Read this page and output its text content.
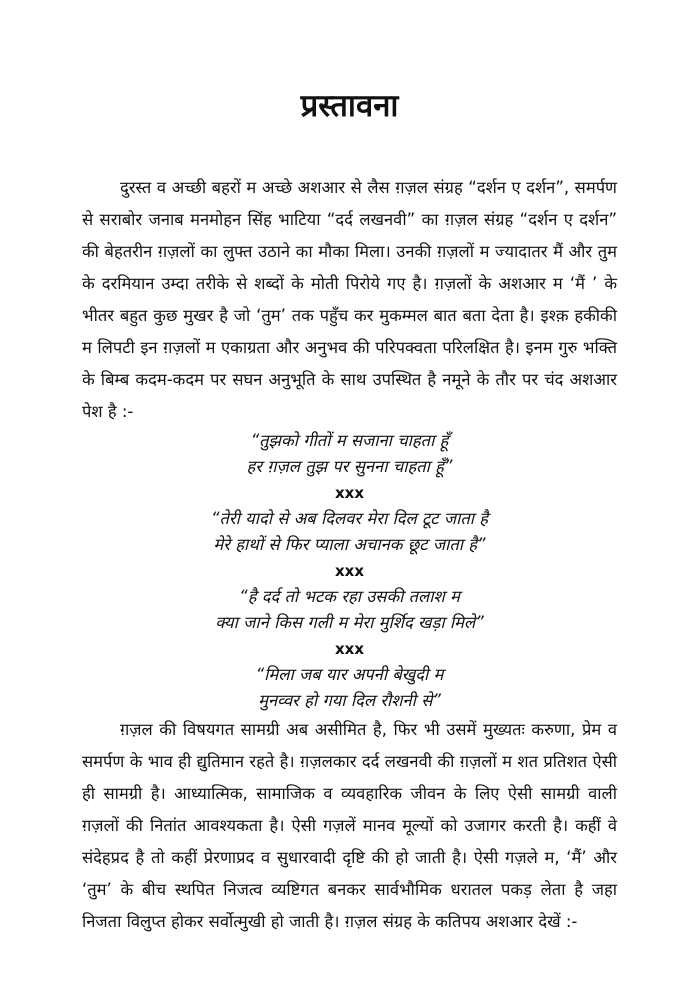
प्रस्तावना

दुरस्त व अच्छी बहरों म अच्छे अशआर से लैस ग़ज़ल संग्रह “दर्शन ए दर्शन”, समर्पण से सराबोर जनाब मनमोहन सिंह भाटिया “दर्द लखनवी” का ग़ज़ल संग्रह “दर्शन ए दर्शन” की बेहतरीन ग़ज़लों का लुफ्त उठाने का मौका मिला। उनकी ग़ज़लों म ज्यादातर मैं और तुम के दरमियान उम्दा तरीके से शब्दों के मोती पिरोये गए है। ग़ज़लों के अशआर म ‘मैं ’ के भीतर बहुत कुछ मुखर है जो ‘तुम’ तक पहुँच कर मुकम्मल बात बता देता है। इश्क़ हकीकी म लिपटी इन ग़ज़लों म एकाग्रता और अनुभव की परिपक्वता परिलक्षित है। इनम गुरु भक्ति के बिम्ब कदम-कदम पर सघन अनुभूति के साथ उपस्थित है नमूने के तौर पर चंद अशआर पेश है :-

“तुझको गीतों म सजाना चाहता हूँ
हर ग़ज़ल तुझ पर सुनना चाहता हूँ”
xxx
“तेरी यादो से अब दिलवर मेरा दिल टूट जाता है
मेरे हाथों से फिर प्याला अचानक छूट जाता है”
xxx
“है दर्द तो भटक रहा उसकी तलाश म
क्या जाने किस गली म मेरा मुर्शिद खड़ा मिले”
xxx
“मिला जब यार अपनी बेखुदी म
मुनव्वर हो गया दिल रौशनी से”

ग़ज़ल की विषयगत सामग्री अब असीमित है, फिर भी उसमें मुख्यतः करुणा, प्रेम व समर्पण के भाव ही द्युतिमान रहते है। ग़ज़लकार दर्द लखनवी की ग़ज़लों म शत प्रतिशत ऐसी ही सामग्री है। आध्यात्मिक, सामाजिक व व्यवहारिक जीवन के लिए ऐसी सामग्री वाली ग़ज़लों की नितांत आवश्यकता है। ऐसी गज़लें मानव मूल्यों को उजागर करती है। कहीं वे संदेहप्रद है तो कहीं प्रेरणाप्रद व सुधारवादी दृष्टि की हो जाती है। ऐसी गज़ले म, ‘मैं’ और ‘तुम’ के बीच स्थपित निजत्व व्यष्टिगत बनकर सार्वभौमिक धरातल पकड़ लेता है जहा निजता विलुप्त होकर सर्वोत्मुखी हो जाती है। ग़ज़ल संग्रह के कतिपय अशआर देखें :-
